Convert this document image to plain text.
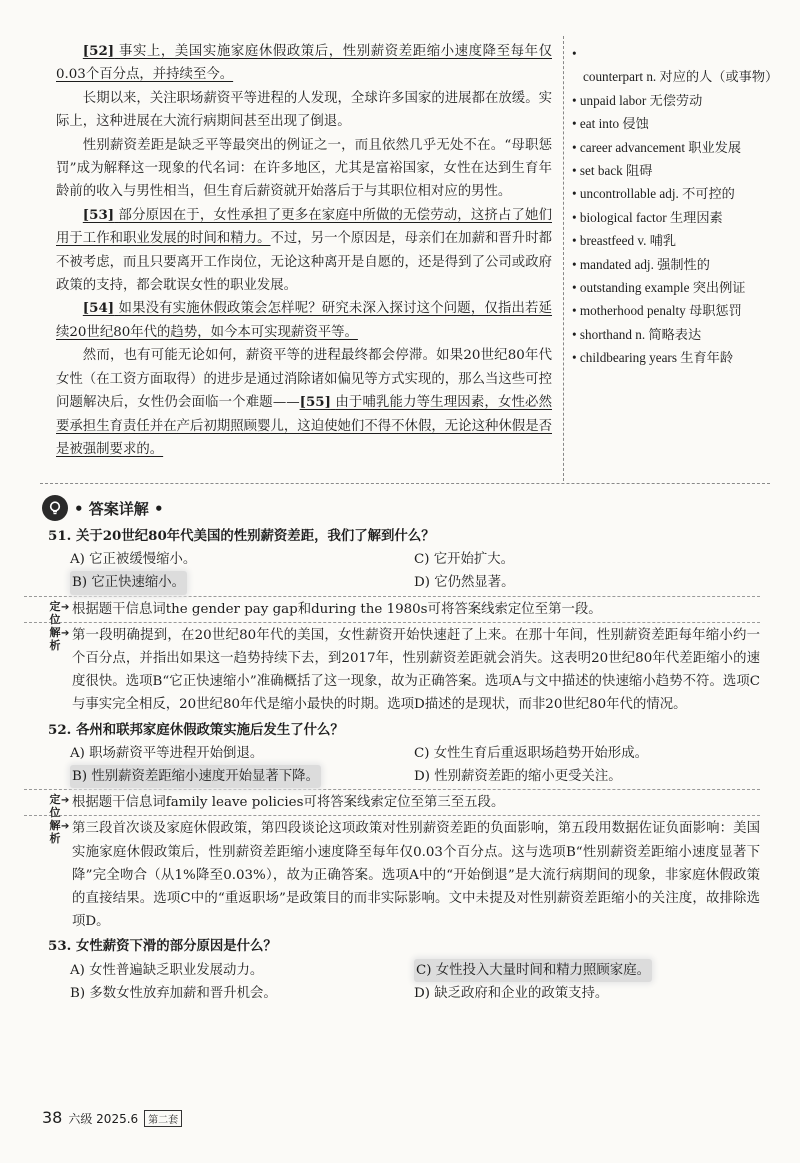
[52] 事实上，美国实施家庭休假政策后，性别薪资差距缩小速度降至每年仅0.03个百分点，并持续至今。

长期以来，关注职场薪资平等进程的人发现，全球许多国家的进展都在放缓。实际上，这种进展在大流行病期间甚至出现了倒退。

性别薪资差距是缺乏平等最突出的例证之一，而且依然几乎无处不在。“母职惩罚”成为解释这一现象的代名词：在许多地区，尤其是富裕国家，女性在达到生育年龄前的收入与男性相当，但生育后薪资就开始落后于与其职位相对应的男性。

[53] 部分原因在于，女性承担了更多在家庭中所做的无偿劳动，这挤占了她们用于工作和职业发展的时间和精力。不过，另一个原因是，母亲们在加薪和晋升时都不被考虑，而且只要离开工作岗位，无论这种离开是自愿的，还是得到了公司或政府政策的支持，都会耽误女性的职业发展。

[54] 如果没有实施休假政策会怎样呢？研究未深入探讨这个问题，仅指出若延续20世纪80年代的趋势，如今本可实现薪资平等。

然而，也有可能无论如何，薪资平等的进程最终都会停滞。如果20世纪80年代女性（在工资方面取得）的进步是通过消除诸如偏见等方式实现的，那么当这些可控问题解决后，女性仍会面临一个难题——[55] 由于哺乳能力等生理因素，女性必然要承担生育责任并在产后初期照顾婴儿，这迫使她们不得不休假，无论这种休假是否是被强制要求的。

• counterpart n. 对应的人（或事物）
• unpaid labor 无偿劳动
• eat into 侵蚀
• career advancement 职业发展
• set back 阻碍
• uncontrollable adj. 不可控的
• biological factor 生理因素
• breastfeed v. 哺乳
• mandated adj. 强制性的
• outstanding example 突出例证
• motherhood penalty 母职惩罚
• shorthand n. 简略表达
• childbearing years 生育年龄
• 答案详解 •
51. 关于20世纪80年代美国的性别薪资差距，我们了解到什么？
A) 它正被缓慢缩小。	C) 它开始扩大。
B) 它正快速缩小。	D) 它仍然显著。
定位
➔ 根据题干信息词the gender pay gap和during the 1980s可将答案线索定位至第一段。
解析
➔ 第一段明确提到，在20世纪80年代的美国，女性薪资开始快速赶了上来。在那十年间，性别薪资差距每年缩小约一个百分点，并指出如果这一趋势持续下去，到2017年，性别薪资差距就会消失。这表明20世纪80年代差距缩小的速度很快。选项B“它正快速缩小”准确概括了这一现象，故为正确答案。选项A与文中描述的快速缩小趋势不符。选项C与事实完全相反，20世纪80年代是缩小最快的时期。选项D描述的是现状，而非20世纪80年代的情况。
52. 各州和联邦家庭休假政策实施后发生了什么？
A) 职场薪资平等进程开始倒退。	C) 女性生育后重返职场趋势开始形成。
B) 性别薪资差距缩小速度开始显著下降。	D) 性别薪资差距的缩小更受关注。
定位
➔ 根据题干信息词family leave policies可将答案线索定位至第三至五段。
解析
➔ 第三段首次谈及家庭休假政策，第四段谈论这项政策对性别薪资差距的负面影响，第五段用数据佐证负面影响：美国实施家庭休假政策后，性别薪资差距缩小速度降至每年仅0.03个百分点。这与选项B“性别薪资差距缩小速度显著下降”完全吻合（从1%降至0.03%），故为正确答案。选项A中的“开始倒退”是大流行病期间的现象，非家庭休假政策的直接结果。选项C中的“重返职场”是政策目的而非实际影响。文中未提及对性别薪资差距缩小的关注度，故排除选项D。
53. 女性薪资下滑的部分原因是什么？
A) 女性普遍缺乏职业发展动力。	C) 女性投入大量时间和精力照顾家庭。
B) 多数女性放弃加薪和晋升机会。	D) 缺乏政府和企业的政策支持。
38 六级 2025.6	第二套
